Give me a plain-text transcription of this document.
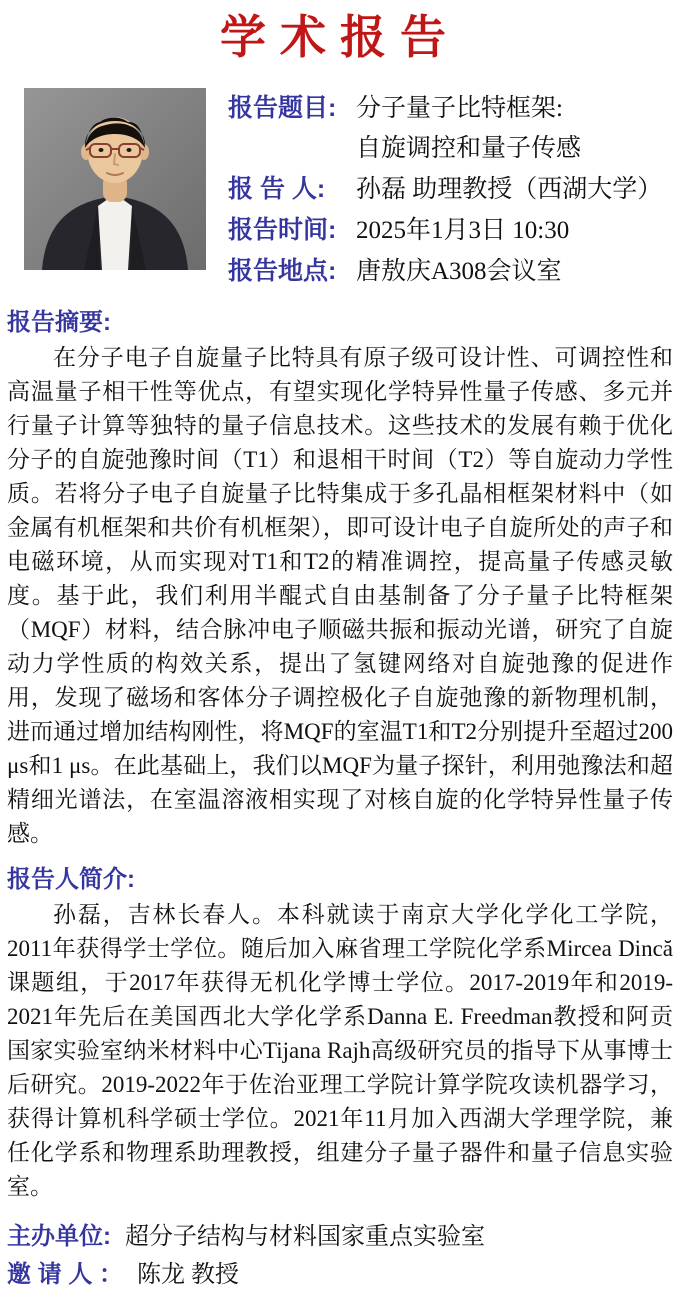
学术报告
报告题目: 分子量子比特框架:
自旋调控和量子传感
报 告 人:	孙磊 助理教授（西湖大学）
报告时间: 2025年1月3日 10:30
报告地点: 唐敖庆A308会议室
报告摘要:

在分子电子自旋量子比特具有原子级可设计性、可调控性和高温量子相干性等优点，有望实现化学特异性量子传感、多元并行量子计算等独特的量子信息技术。这些技术的发展有赖于优化分子的自旋弛豫时间（T1）和退相干时间（T2）等自旋动力学性质。若将分子电子自旋量子比特集成于多孔晶相框架材料中（如金属有机框架和共价有机框架），即可设计电子自旋所处的声子和电磁环境，从而实现对T1和T2的精准调控，提高量子传感灵敏度。基于此，我们利用半醌式自由基制备了分子量子比特框架（MQF）材料，结合脉冲电子顺磁共振和振动光谱，研究了自旋动力学性质的构效关系，提出了氢键网络对自旋弛豫的促进作用，发现了磁场和客体分子调控极化子自旋弛豫的新物理机制，进而通过增加结构刚性，将MQF的室温T1和T2分别提升至超过200 μs和1 μs。在此基础上，我们以MQF为量子探针，利用弛豫法和超精细光谱法，在室温溶液相实现了对核自旋的化学特异性量子传感。

报告人简介:

孙磊，吉林长春人。本科就读于南京大学化学化工学院，2011年获得学士学位。随后加入麻省理工学院化学系Mircea Dincă课题组，于2017年获得无机化学博士学位。2017-2019年和2019-2021年先后在美国西北大学化学系Danna E. Freedman教授和阿贡国家实验室纳米材料中心Tijana Rajh高级研究员的指导下从事博士后研究。2019-2022年于佐治亚理工学院计算学院攻读机器学习，获得计算机科学硕士学位。2021年11月加入西湖大学理学院，兼任化学系和物理系助理教授，组建分子量子器件和量子信息实验室。

主办单位: 超分子结构与材料国家重点实验室
邀 请 人 ： 陈龙 教授
